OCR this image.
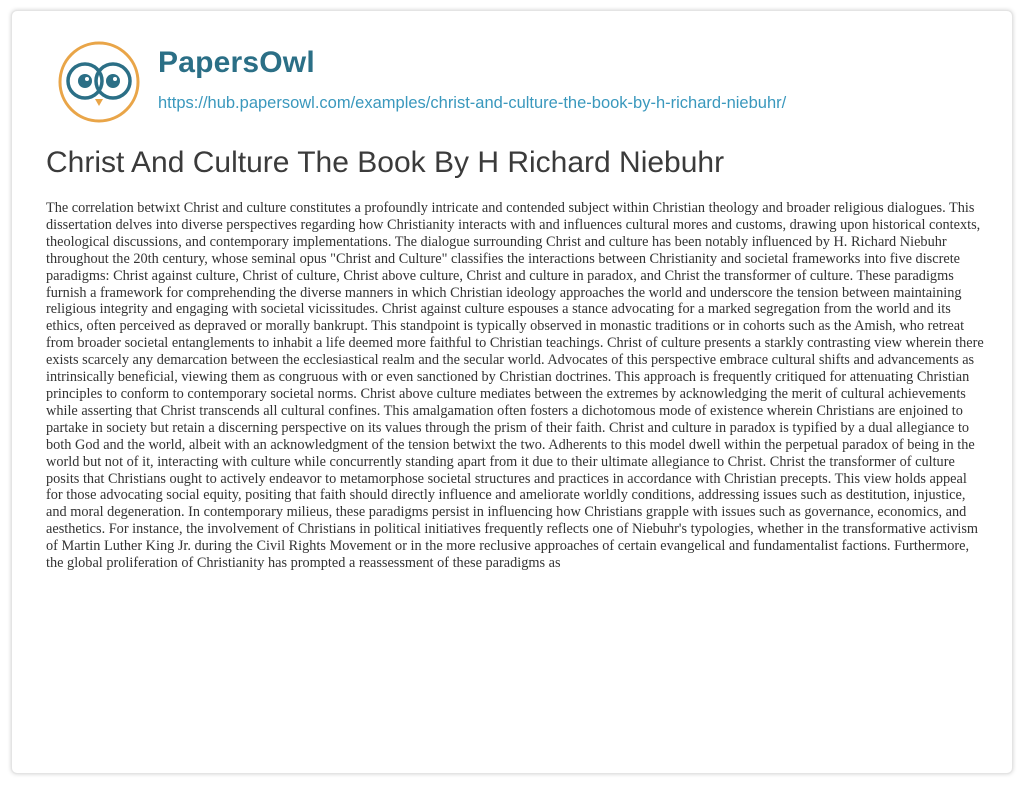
PapersOwl
https://hub.papersowl.com/examples/christ-and-culture-the-book-by-h-richard-niebuhr/
Christ And Culture The Book By H Richard Niebuhr

The correlation betwixt Christ and culture constitutes a profoundly intricate and contended subject within Christian theology and broader religious dialogues. This dissertation delves into diverse perspectives regarding how Christianity interacts with and influences cultural mores and customs, drawing upon historical contexts, theological discussions, and contemporary implementations. The dialogue surrounding Christ and culture has been notably influenced by H. Richard Niebuhr throughout the 20th century, whose seminal opus "Christ and Culture" classifies the interactions between Christianity and societal frameworks into five discrete paradigms: Christ against culture, Christ of culture, Christ above culture, Christ and culture in paradox, and Christ the transformer of culture. These paradigms furnish a framework for comprehending the diverse manners in which Christian ideology approaches the world and underscore the tension between maintaining religious integrity and engaging with societal vicissitudes. Christ against culture espouses a stance advocating for a marked segregation from the world and its ethics, often perceived as depraved or morally bankrupt. This standpoint is typically observed in monastic traditions or in cohorts such as the Amish, who retreat from broader societal entanglements to inhabit a life deemed more faithful to Christian teachings. Christ of culture presents a starkly contrasting view wherein there exists scarcely any demarcation between the ecclesiastical realm and the secular world. Advocates of this perspective embrace cultural shifts and advancements as intrinsically beneficial, viewing them as congruous with or even sanctioned by Christian doctrines. This approach is frequently critiqued for attenuating Christian principles to conform to contemporary societal norms. Christ above culture mediates between the extremes by acknowledging the merit of cultural achievements while asserting that Christ transcends all cultural confines. This amalgamation often fosters a dichotomous mode of existence wherein Christians are enjoined to partake in society but retain a discerning perspective on its values through the prism of their faith. Christ and culture in paradox is typified by a dual allegiance to both God and the world, albeit with an acknowledgment of the tension betwixt the two. Adherents to this model dwell within the perpetual paradox of being in the world but not of it, interacting with culture while concurrently standing apart from it due to their ultimate allegiance to Christ. Christ the transformer of culture posits that Christians ought to actively endeavor to metamorphose societal structures and practices in accordance with Christian precepts. This view holds appeal for those advocating social equity, positing that faith should directly influence and ameliorate worldly conditions, addressing issues such as destitution, injustice, and moral degeneration. In contemporary milieus, these paradigms persist in influencing how Christians grapple with issues such as governance, economics, and aesthetics. For instance, the involvement of Christians in political initiatives frequently reflects one of Niebuhr's typologies, whether in the transformative activism of Martin Luther King Jr. during the Civil Rights Movement or in the more reclusive approaches of certain evangelical and fundamentalist factions. Furthermore, the global proliferation of Christianity has prompted a reassessment of these paradigms as
